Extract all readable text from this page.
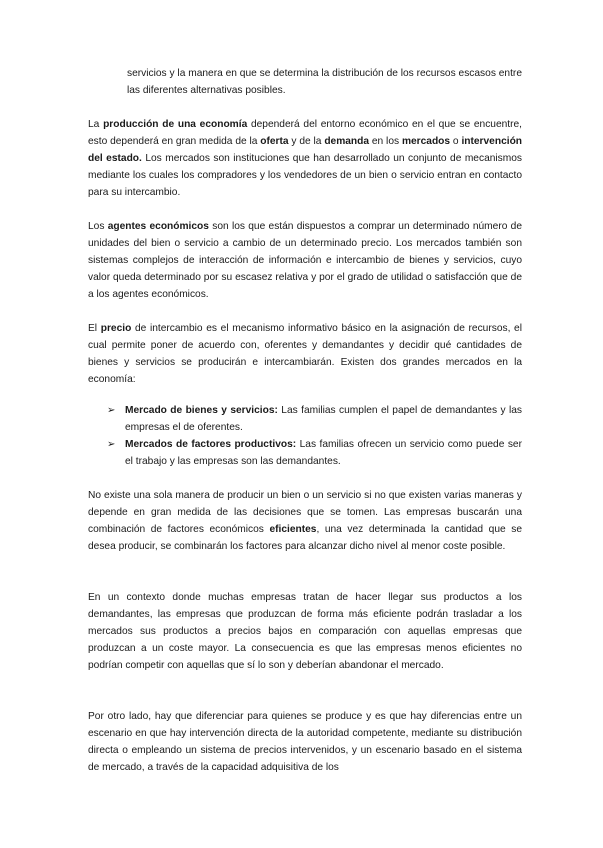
servicios y la manera en que se determina la distribución de los recursos escasos entre las diferentes alternativas posibles.

La producción de una economía dependerá del entorno económico en el que se encuentre, esto dependerá en gran medida de la oferta y de la demanda en los mercados o intervención del estado. Los mercados son instituciones que han desarrollado un conjunto de mecanismos mediante los cuales los compradores y los vendedores de un bien o servicio entran en contacto para su intercambio.

Los agentes económicos son los que están dispuestos a comprar un determinado número de unidades del bien o servicio a cambio de un determinado precio. Los mercados también son sistemas complejos de interacción de información e intercambio de bienes y servicios, cuyo valor queda determinado por su escasez relativa y por el grado de utilidad o satisfacción que de a los agentes económicos.

El precio de intercambio es el mecanismo informativo básico en la asignación de recursos, el cual permite poner de acuerdo con, oferentes y demandantes y decidir qué cantidades de bienes y servicios se producirán e intercambiarán. Existen dos grandes mercados en la economía:

➢ Mercado de bienes y servicios: Las familias cumplen el papel de demandantes y las empresas el de oferentes.
➢ Mercados de factores productivos: Las familias ofrecen un servicio como puede ser el trabajo y las empresas son las demandantes.

No existe una sola manera de producir un bien o un servicio si no que existen varias maneras y depende en gran medida de las decisiones que se tomen. Las empresas buscarán una combinación de factores económicos eficientes, una vez determinada la cantidad que se desea producir, se combinarán los factores para alcanzar dicho nivel al menor coste posible.

En un contexto donde muchas empresas tratan de hacer llegar sus productos a los demandantes, las empresas que produzcan de forma más eficiente podrán trasladar a los mercados sus productos a precios bajos en comparación con aquellas empresas que produzcan a un coste mayor. La consecuencia es que las empresas menos eficientes no podrían competir con aquellas que sí lo son y deberían abandonar el mercado.

Por otro lado, hay que diferenciar para quienes se produce y es que hay diferencias entre un escenario en que hay intervención directa de la autoridad competente, mediante su distribución directa o empleando un sistema de precios intervenidos, y un escenario basado en el sistema de mercado, a través de la capacidad adquisitiva de los
